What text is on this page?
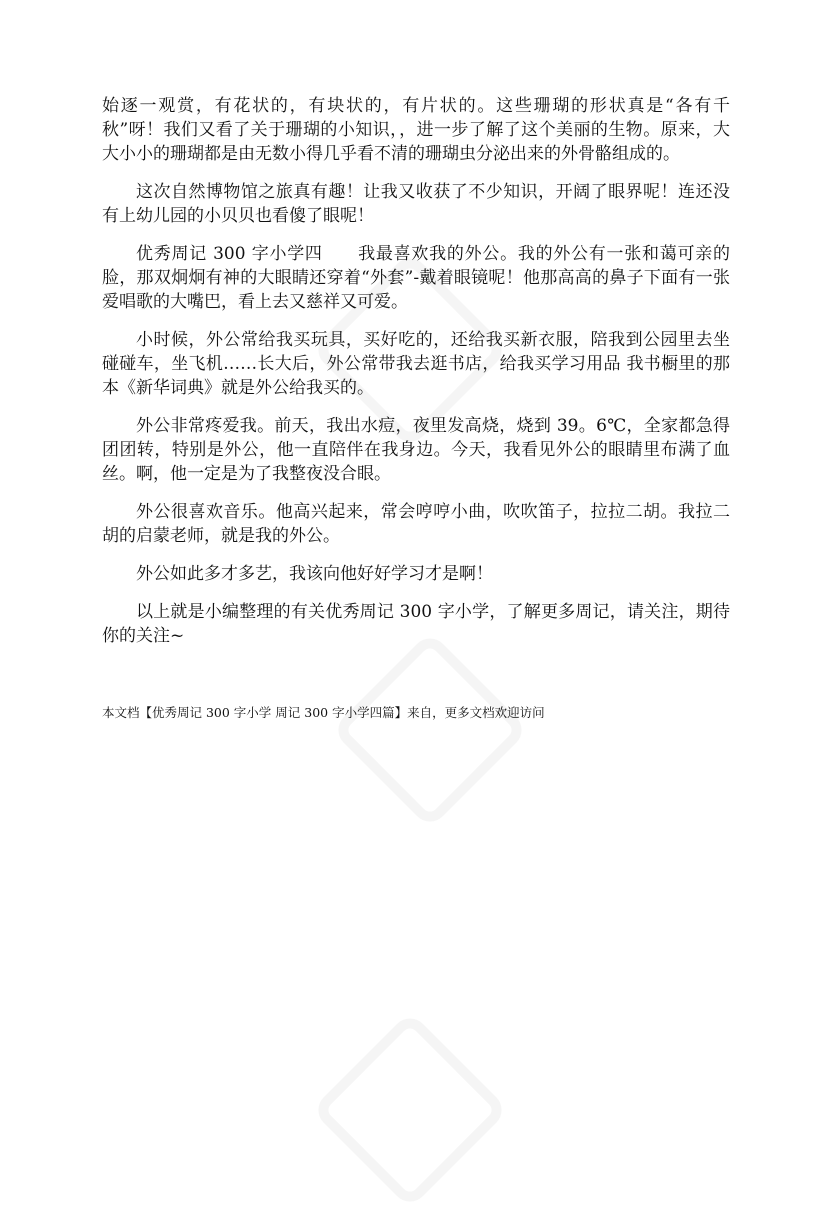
始逐一观赏，有花状的，有块状的，有片状的。这些珊瑚的形状真是“各有千秋”呀！我们又看了关于珊瑚的小知识，，进一步了解了这个美丽的生物。原来，大大小小的珊瑚都是由无数小得几乎看不清的珊瑚虫分泌出来的外骨骼组成的。

这次自然博物馆之旅真有趣！让我又收获了不少知识，开阔了眼界呢！连还没有上幼儿园的小贝贝也看傻了眼呢！

优秀周记 300 字小学四　　我最喜欢我的外公。我的外公有一张和蔼可亲的脸，那双炯炯有神的大眼睛还穿着“外套”-戴着眼镜呢！他那高高的鼻子下面有一张爱唱歌的大嘴巴，看上去又慈祥又可爱。

小时候，外公常给我买玩具，买好吃的，还给我买新衣服，陪我到公园里去坐碰碰车，坐飞机……长大后，外公常带我去逛书店，给我买学习用品 我书橱里的那本《新华词典》就是外公给我买的。

外公非常疼爱我。前天，我出水痘，夜里发高烧，烧到 39。6℃，全家都急得团团转，特别是外公，他一直陪伴在我身边。今天，我看见外公的眼睛里布满了血丝。啊，他一定是为了我整夜没合眼。

外公很喜欢音乐。他高兴起来，常会哼哼小曲，吹吹笛子，拉拉二胡。我拉二胡的启蒙老师，就是我的外公。

外公如此多才多艺，我该向他好好学习才是啊！

以上就是小编整理的有关优秀周记 300 字小学，了解更多周记，请关注，期待你的关注~

本文档【优秀周记 300 字小学 周记 300 字小学四篇】来自，更多文档欢迎访问
